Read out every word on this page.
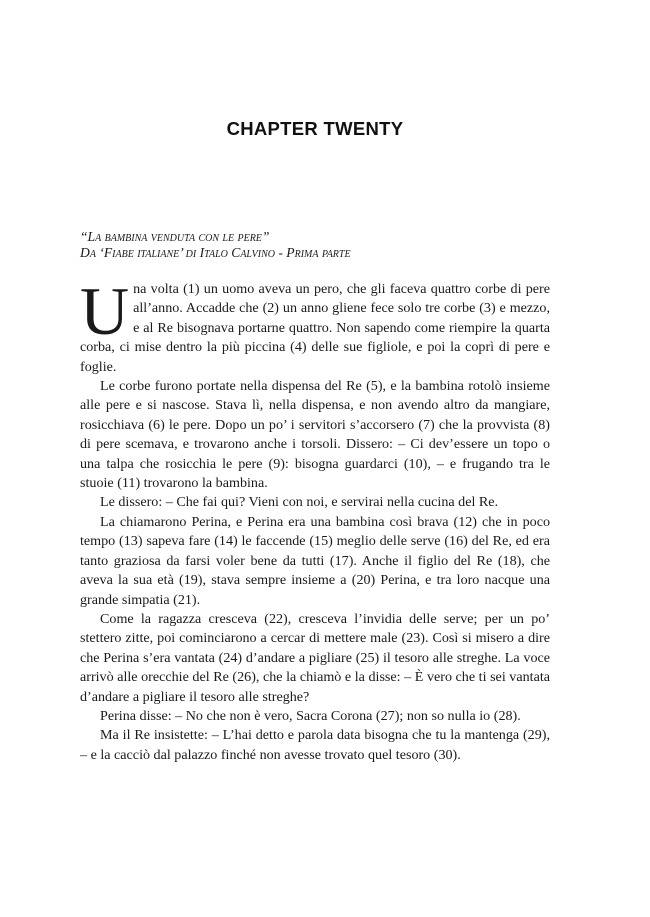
CHAPTER TWENTY
“La bambina venduta con le pere”
Da ‘Fiabe italiane’ di Italo Calvino - Prima parte

Una volta (1) un uomo aveva un pero, che gli faceva quattro corbe di pere all’anno. Accadde che (2) un anno gliene fece solo tre corbe (3) e mezzo, e al Re bisognava portarne quattro. Non sapendo come riempire la quarta corba, ci mise dentro la più piccina (4) delle sue figliole, e poi la coprì di pere e foglie.

Le corbe furono portate nella dispensa del Re (5), e la bambina rotolò insieme alle pere e si nascose. Stava lì, nella dispensa, e non avendo altro da mangiare, rosicchiava (6) le pere. Dopo un po’ i servitori s’accorsero (7) che la provvista (8) di pere scemava, e trovarono anche i torsoli. Dissero: – Ci dev’essere un topo o una talpa che rosicchia le pere (9): bisogna guardarci (10), – e frugando tra le stuoie (11) trovarono la bambina.

Le dissero: – Che fai qui? Vieni con noi, e servirai nella cucina del Re.

La chiamarono Perina, e Perina era una bambina così brava (12) che in poco tempo (13) sapeva fare (14) le faccende (15) meglio delle serve (16) del Re, ed era tanto graziosa da farsi voler bene da tutti (17). Anche il figlio del Re (18), che aveva la sua età (19), stava sempre insieme a (20) Perina, e tra loro nacque una grande simpatia (21).

Come la ragazza cresceva (22), cresceva l’invidia delle serve; per un po’ stettero zitte, poi cominciarono a cercar di mettere male (23). Così si misero a dire che Perina s’era vantata (24) d’andare a pigliare (25) il tesoro alle streghe. La voce arrivò alle orecchie del Re (26), che la chiamò e la disse: – È vero che ti sei vantata d’andare a pigliare il tesoro alle streghe?

Perina disse: – No che non è vero, Sacra Corona (27); non so nulla io (28).

Ma il Re insistette: – L’hai detto e parola data bisogna che tu la mantenga (29), – e la cacciò dal palazzo finché non avesse trovato quel tesoro (30).
